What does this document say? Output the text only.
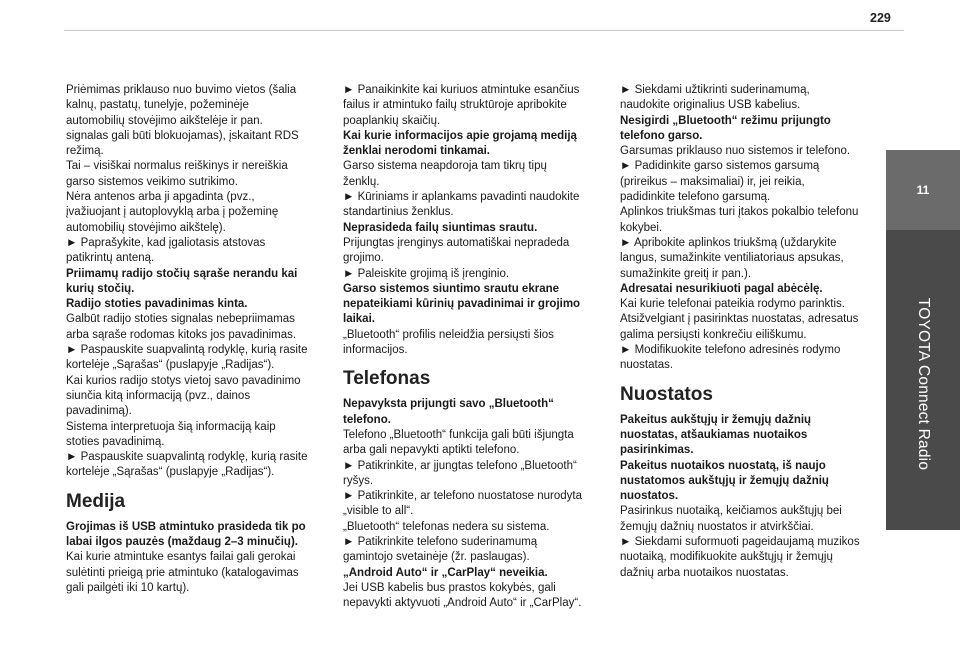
229
11
TOYOTA Connect Radio

Priėmimas priklauso nuo buvimo vietos (šalia kalnų, pastatų, tunelyje, požeminėje automobilių stovėjimo aikštelėje ir pan. signalas gali būti blokuojamas), įskaitant RDS režimą.

Tai – visiškai normalus reiškinys ir nereiškia garso sistemos veikimo sutrikimo.

Nėra antenos arba ji apgadinta (pvz., įvažiuojant į autoplovyklą arba į požeminę automobilių stovėjimo aikštelę).

► Paprašykite, kad įgaliotasis atstovas patikrintų anteną.

Priimamų radijo stočių sąraše nerandu kai kurių stočių.

Radijo stoties pavadinimas kinta.

Galbūt radijo stoties signalas nebepriimamas arba sąraše rodomas kitoks jos pavadinimas.

► Paspauskite suapvalintą rodyklę, kurią rasite kortelėje „Sąrašas“ (puslapyje „Radijas“).

Kai kurios radijo stotys vietoj savo pavadinimo siunčia kitą informaciją (pvz., dainos pavadinimą).

Sistema interpretuoja šią informaciją kaip stoties pavadinimą.

► Paspauskite suapvalintą rodyklę, kurią rasite kortelėje „Sąrašas“ (puslapyje „Radijas“).

Medija

Grojimas iš USB atmintuko prasideda tik po labai ilgos pauzės (maždaug 2–3 minučių).

Kai kurie atmintuke esantys failai gali gerokai sulėtinti prieigą prie atmintuko (katalogavimas gali pailgėti iki 10 kartų).

► Panaikinkite kai kuriuos atmintuke esančius failus ir atmintuko failų struktūroje apribokite poaplankių skaičių.

Kai kurie informacijos apie grojamą mediją ženklai nerodomi tinkamai.

Garso sistema neapdoroja tam tikrų tipų ženklų.

► Kūriniams ir aplankams pavadinti naudokite standartinius ženklus.

Neprasideda failų siuntimas srautu.

Prijungtas įrenginys automatiškai nepradeda grojimo.

► Paleiskite grojimą iš įrenginio.

Garso sistemos siuntimo srautu ekrane nepateikiami kūrinių pavadinimai ir grojimo laikai.

„Bluetooth“ profilis neleidžia persiųsti šios informacijos.

Telefonas

Nepavyksta prijungti savo „Bluetooth“ telefono.

Telefono „Bluetooth“ funkcija gali būti išjungta arba gali nepavykti aptikti telefono.

► Patikrinkite, ar įjungtas telefono „Bluetooth“ ryšys.

► Patikrinkite, ar telefono nuostatose nurodyta „visible to all“.

„Bluetooth“ telefonas nedera su sistema.

► Patikrinkite telefono suderinamumą gamintojo svetainėje (žr. paslaugas).

„Android Auto“ ir „CarPlay“ neveikia.

Jei USB kabelis bus prastos kokybės, gali nepavykti aktyvuoti „Android Auto“ ir „CarPlay“.

► Siekdami užtikrinti suderinamumą, naudokite originalius USB kabelius.

Nesigirdi „Bluetooth“ režimu prijungto telefono garso.

Garsumas priklauso nuo sistemos ir telefono.

► Padidinkite garso sistemos garsumą (prireikus – maksimaliai) ir, jei reikia, padidinkite telefono garsumą.

Aplinkos triukšmas turi įtakos pokalbio telefonu kokybei.

► Apribokite aplinkos triukšmą (uždarykite langus, sumažinkite ventiliatoriaus apsukas, sumažinkite greitį ir pan.).

Adresatai nesurikiuoti pagal abėcėlę.

Kai kurie telefonai pateikia rodymo parinktis. Atsižvelgiant į pasirinktas nuostatas, adresatus galima persiųsti konkrečiu eiliškumu.

► Modifikuokite telefono adresinės rodymo nuostatas.

Nuostatos

Pakeitus aukštųjų ir žemųjų dažnių nuostatas, atšaukiamas nuotaikos pasirinkimas.

Pakeitus nuotaikos nuostatą, iš naujo nustatomos aukštųjų ir žemųjų dažnių nuostatos.

Pasirinkus nuotaiką, keičiamos aukštųjų bei žemųjų dažnių nuostatos ir atvirkščiai.

► Siekdami suformuoti pageidaujamą muzikos nuotaiką, modifikuokite aukštųjų ir žemųjų dažnių arba nuotaikos nuostatas.
